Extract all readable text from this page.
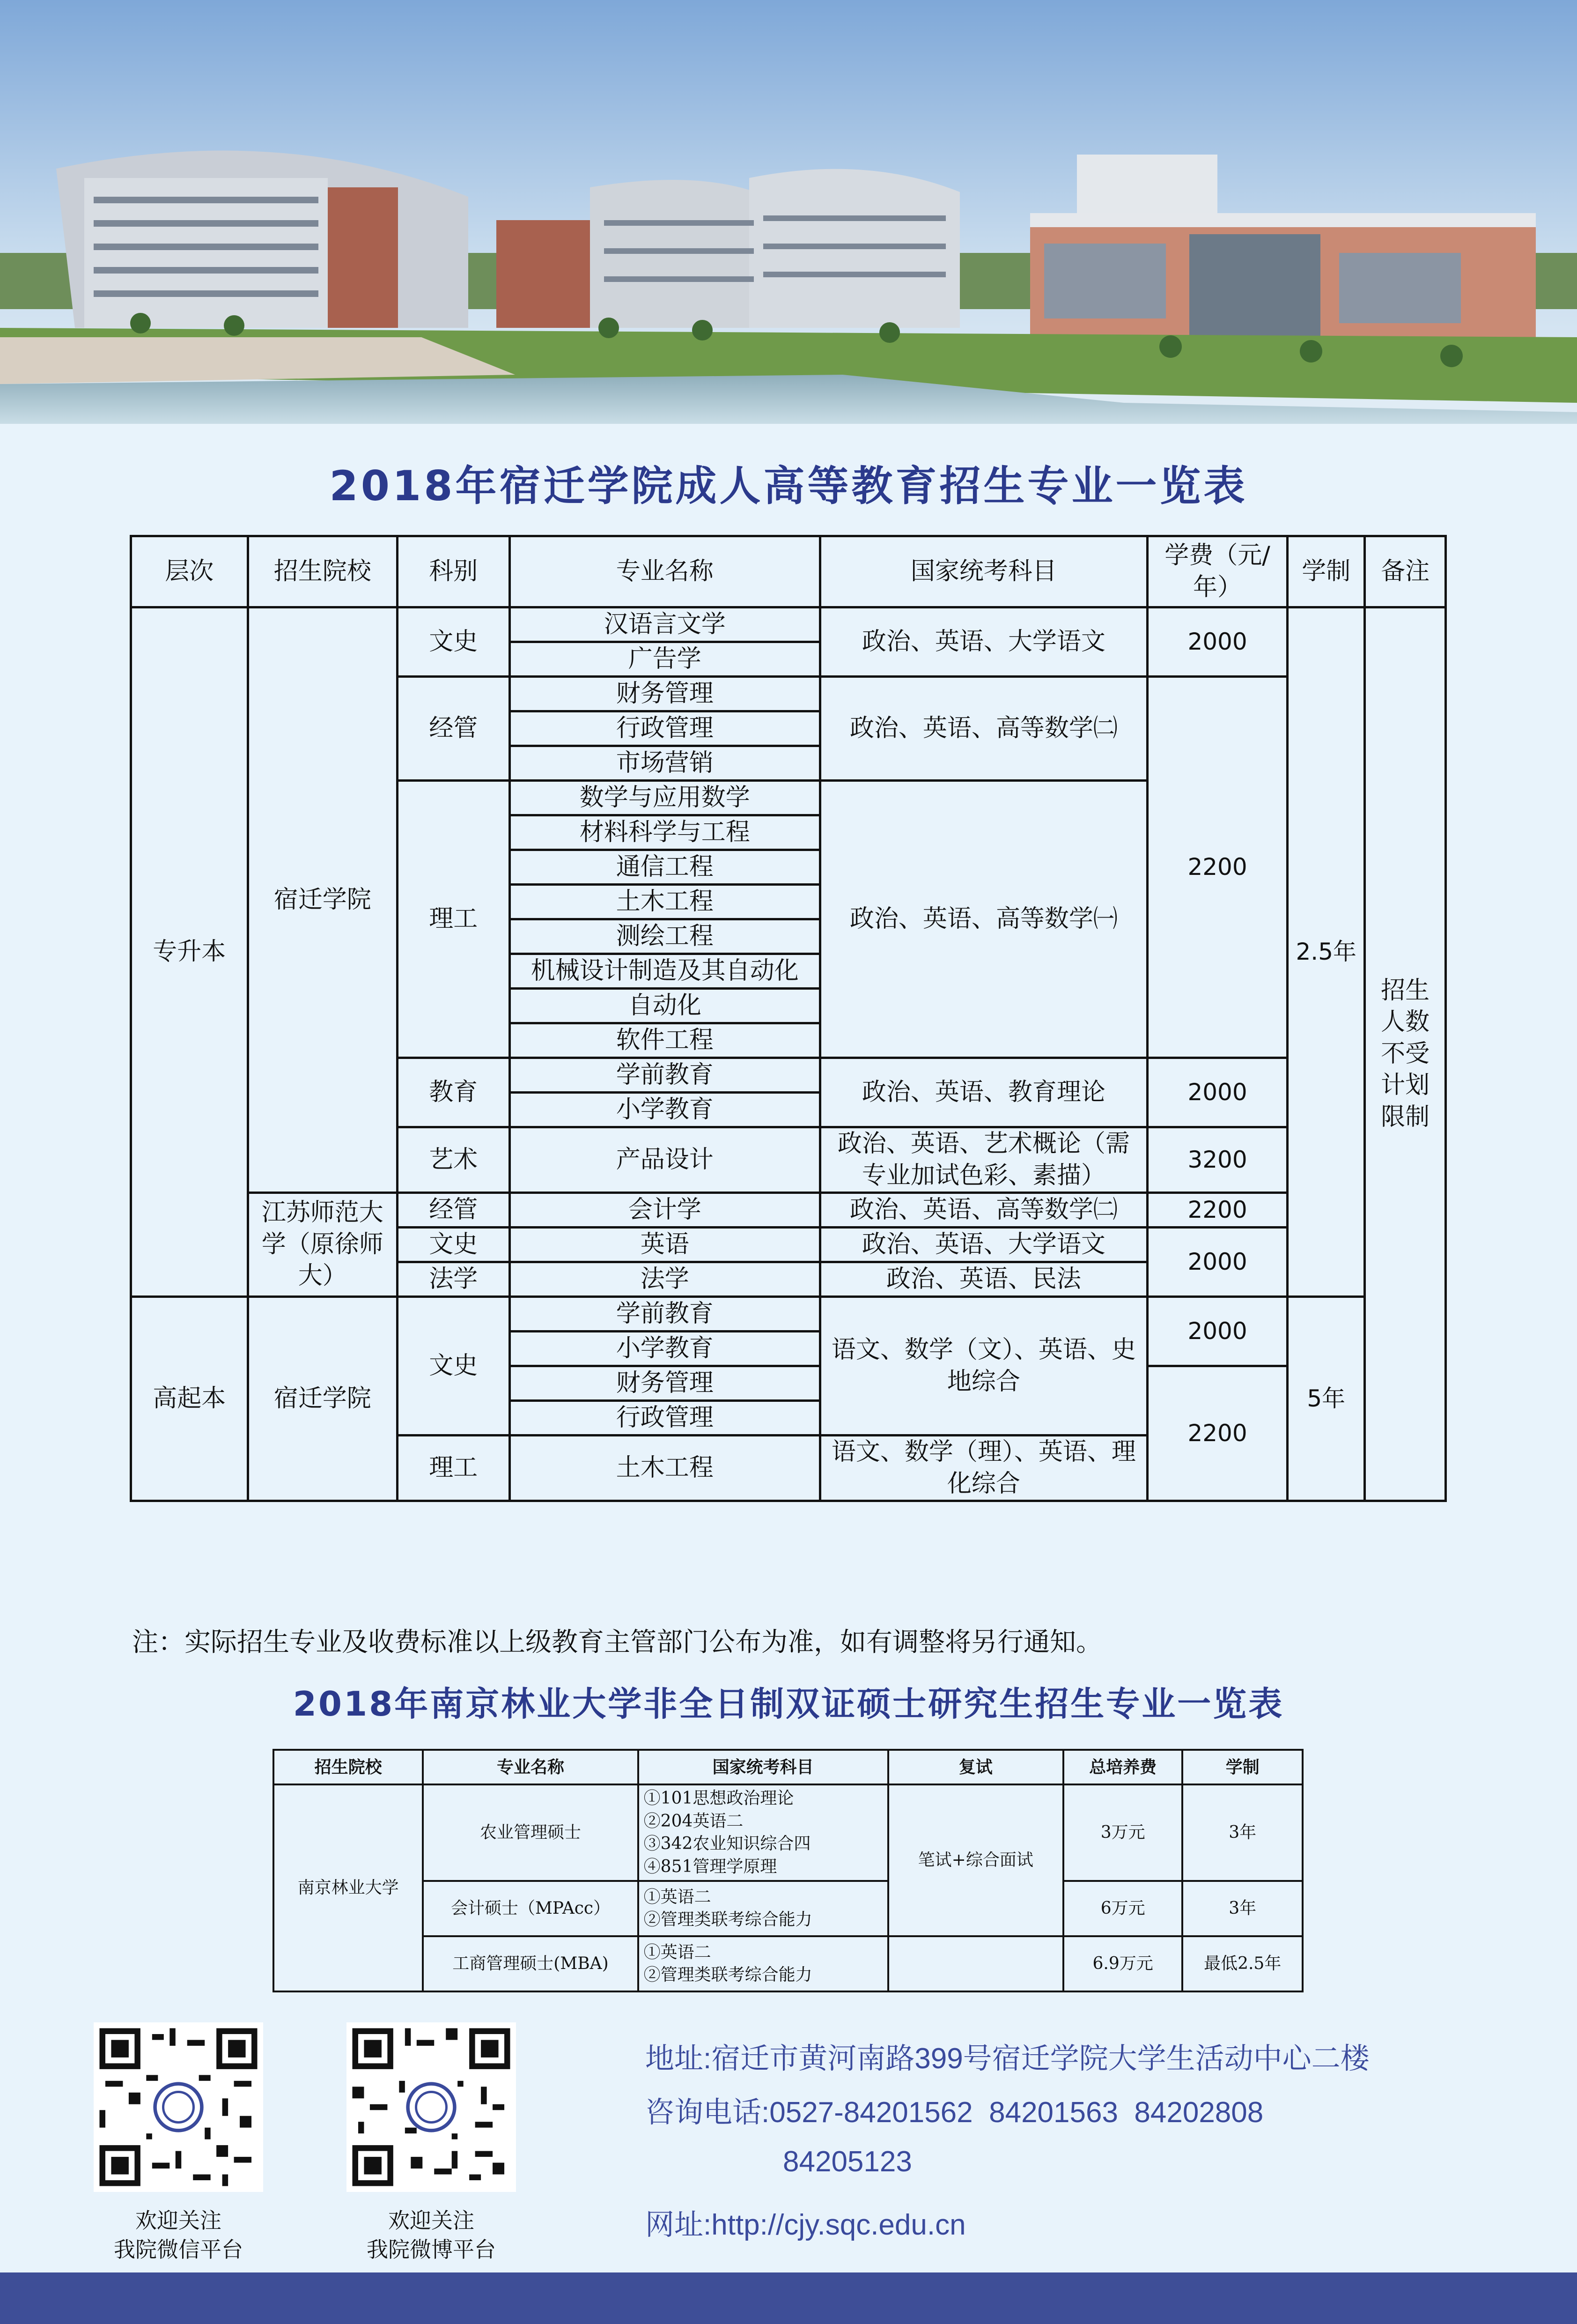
2018年宿迁学院成人高等教育招生专业一览表
层次	招生院校	科别	专业名称	国家统考科目	学费（元/年）	学制	备注
专升本	宿迁学院	文史	汉语言文学	政治、英语、大学语文	2000	2.5年	招生人数不受计划限制
			广告学				
		经管	财务管理	政治、英语、高等数学㈡	2200		
			行政管理				
			市场营销				
		理工	数学与应用数学	政治、英语、高等数学㈠			
			材料科学与工程				
			通信工程				
			土木工程				
			测绘工程				
			机械设计制造及其自动化				
			自动化				
			软件工程				
		教育	学前教育	政治、英语、教育理论	2000		
			小学教育				
		艺术	产品设计	政治、英语、艺术概论（需专业加试色彩、素描）	3200		

	江苏师范大学（原徐师大）	经管	会计学	政治、英语、高等数学㈡	2200		
		文史	英语	政治、英语、大学语文	2000		
		法学	法学	政治、英语、民法			
高起本	宿迁学院	文史	学前教育	语文、数学（文）、英语、史地综合	2000	5年	
			小学教育				
			财务管理		2200		
			行政管理				
		理工	土木工程	语文、数学（理）、英语、理化综合			
注：实际招生专业及收费标准以上级教育主管部门公布为准，如有调整将另行通知。
2018年南京林业大学非全日制双证硕士研究生招生专业一览表
招生院校	专业名称	国家统考科目	复试	总培养费	学制
南京林业大学	农业管理硕士	①101思想政治理论
②204英语二
③342农业知识综合四
④851管理学原理	笔试+综合面试	3万元	3年
	会计硕士（MPAcc）	①英语二
②管理类联考综合能力		6万元	3年
	工商管理硕士(MBA)	①英语二
②管理类联考综合能力		6.9万元	最低2.5年
欢迎关注
我院微信平台
欢迎关注
我院微博平台
地址:宿迁市黄河南路399号宿迁学院大学生活动中心二楼
咨询电话:0527-84201562  84201563  84202808
84205123
网址:http://cjy.sqc.edu.cn
